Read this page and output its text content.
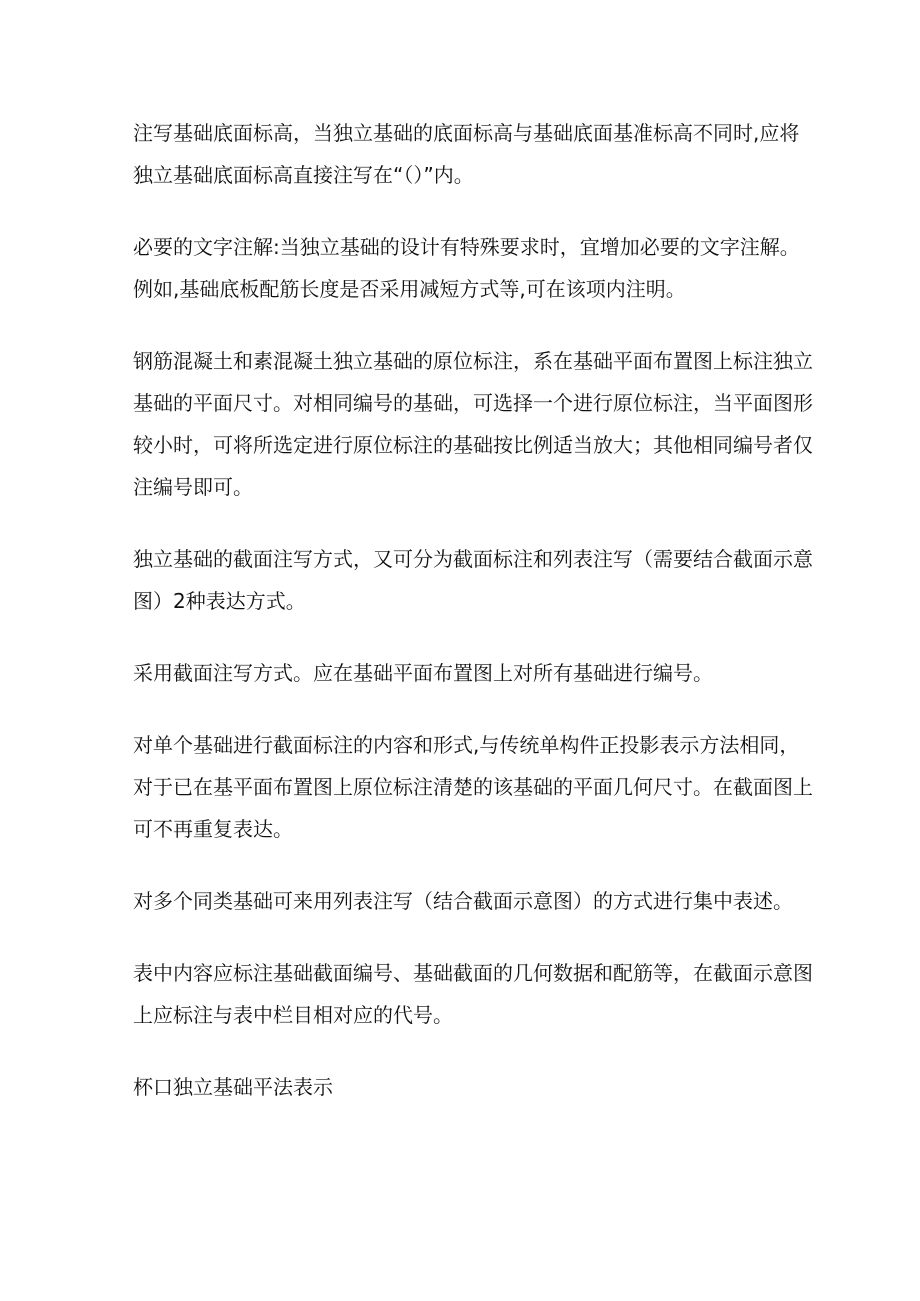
注写基础底面标高，当独立基础的底面标高与基础底面基准标高不同时,应将独立基础底面标高直接注写在“（）”内。

必要的文字注解:当独立基础的设计有特殊要求时，宜增加必要的文字注解。例如,基础底板配筋长度是否采用减短方式等,可在该项内注明。

钢筋混凝土和素混凝土独立基础的原位标注，系在基础平面布置图上标注独立基础的平面尺寸。对相同编号的基础，可选择一个进行原位标注，当平面图形较小时，可将所选定进行原位标注的基础按比例适当放大；其他相同编号者仅注编号即可。

独立基础的截面注写方式，又可分为截面标注和列表注写（需要结合截面示意图）2种表达方式。

采用截面注写方式。应在基础平面布置图上对所有基础进行编号。

对单个基础进行截面标注的内容和形式,与传统单构件正投影表示方法相同，对于已在基平面布置图上原位标注清楚的该基础的平面几何尺寸。在截面图上可不再重复表达。

对多个同类基础可来用列表注写（结合截面示意图）的方式进行集中表述。

表中内容应标注基础截面编号、基础截面的几何数据和配筋等，在截面示意图上应标注与表中栏目相对应的代号。

杯口独立基础平法表示
